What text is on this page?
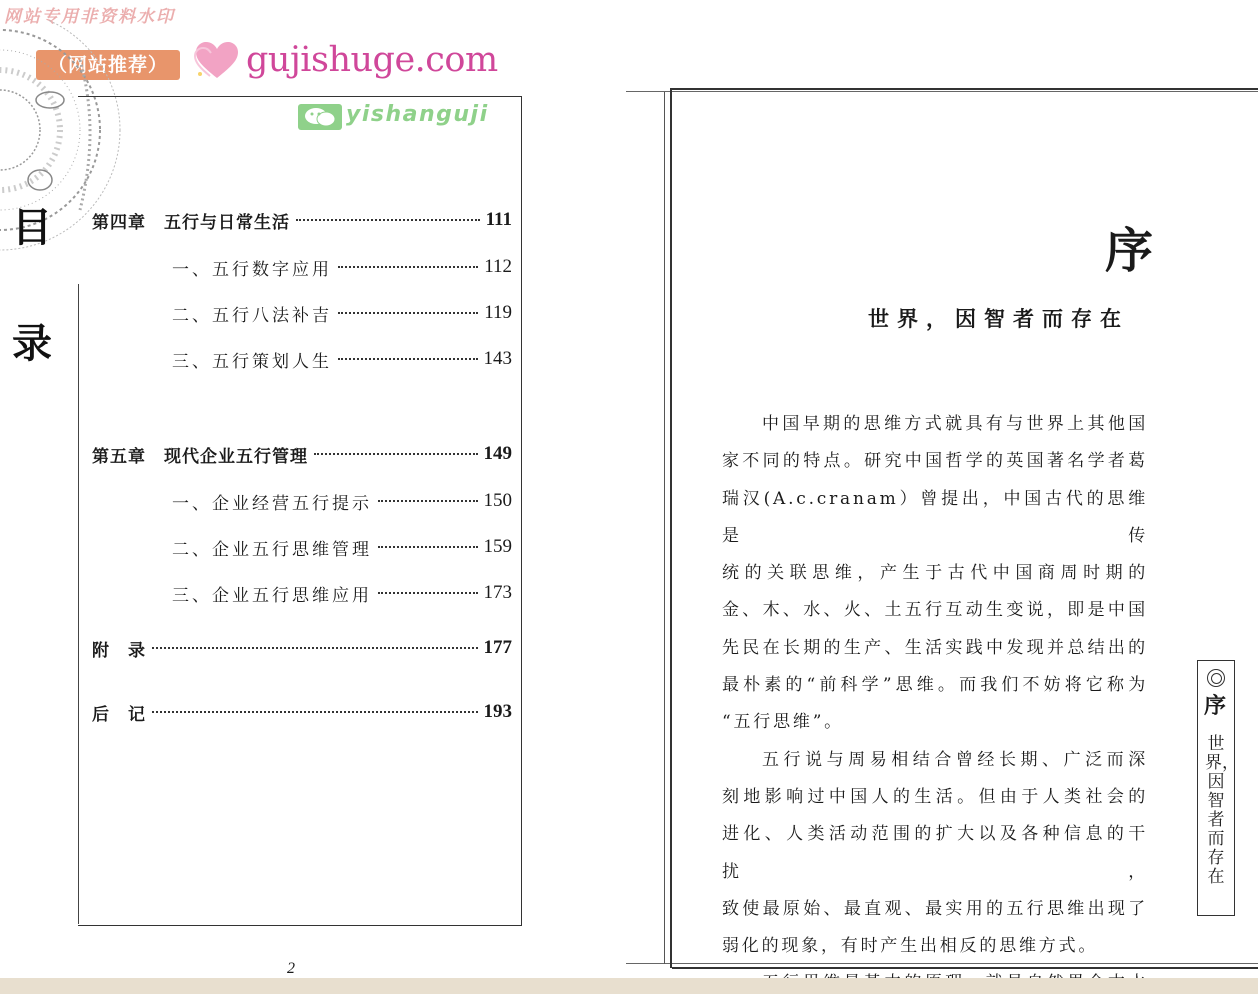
网站专用非资料水印
（网站推荐）	gujishuge.com
yishanguji
目
录
第四章　五行与日常生活	111
一、五行数字应用	112
二、五行八法补吉	119
三、五行策划人生	143
第五章　现代企业五行管理	149
一、企业经营五行提示	150
二、企业五行思维管理	159
三、企业五行思维应用	173
附　录	177
后　记	193
2
序
世界，因智者而存在

中国早期的思维方式就具有与世界上其他国

家不同的特点。研究中国哲学的英国著名学者葛

瑞汉(A.c.cranam）曾提出，中国古代的思维是传

统的关联思维，产生于古代中国商周时期的

金、木、水、火、土五行互动生变说，即是中国

先民在长期的生产、生活实践中发现并总结出的

最朴素的“前科学”思维。而我们不妨将它称为

“五行思维”。

五行说与周易相结合曾经长期、广泛而深

刻地影响过中国人的生活。但由于人类社会的

进化、人类活动范围的扩大以及各种信息的干扰，

致使最原始、最直观、最实用的五行思维出现了

弱化的现象，有时产生出相反的思维方式。

序
世界，因智者而存在
